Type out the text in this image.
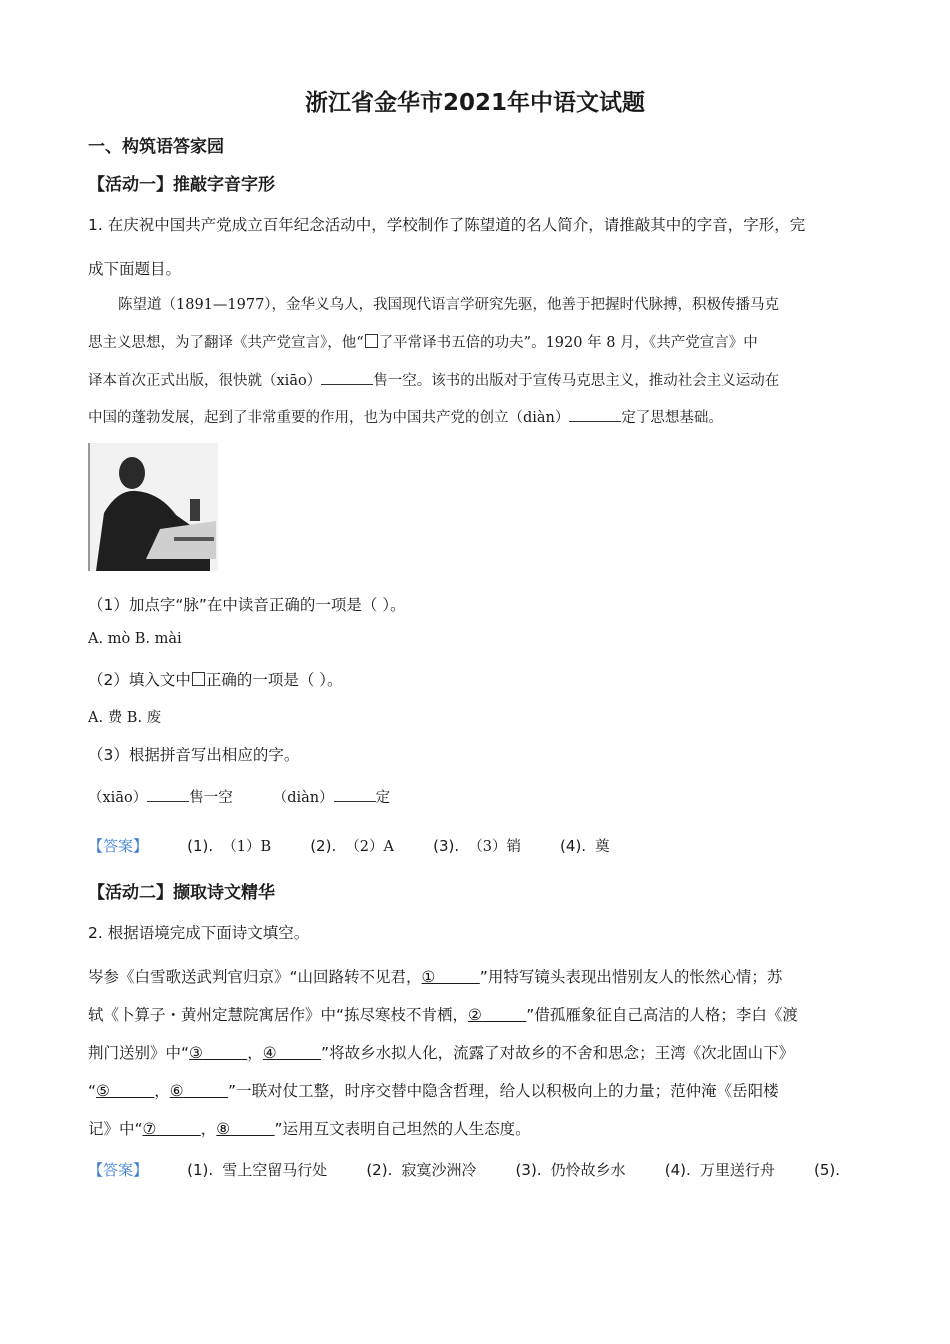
浙江省金华市2021年中语文试题
一、构筑语答家园
【活动一】推敲字音字形
1. 在庆祝中国共产党成立百年纪念活动中，学校制作了陈望道的名人简介，请推敲其中的字音，字形，完
成下面题目。
陈望道（1891—1977），金华义乌人，我国现代语言学研究先驱，他善于把握时代脉搏，积极传播马克
思主义思想，为了翻译《共产党宣言》，他“ 了平常译书五倍的功夫”。1920 年 8 月，《共产党宣言》中
译本首次正式出版，很快就（xiāo）	售一空。该书的出版对于宣传马克思主义，推动社会主义运动在
中国的蓬勃发展，起到了非常重要的作用，也为中国共产党的创立（diàn）	定了思想基础。
（1）加点字“脉”在中读音正确的一项是（ ）。
A. mò B. mài
（2）填入文中 正确的一项是（ ）。
A. 费 B. 废
（3）根据拼音写出相应的字。
（xiāo）	售一空	（diàn）	定
【答案】	(1). （1）B	(2). （2）A	(3). （3）销	(4). 奠
【活动二】撷取诗文精华
2. 根据语境完成下面诗文填空。
岑参《白雪歌送武判官归京》“山回路转不见君，①	”用特写镜头表现出惜别友人的怅然心情；苏
轼《卜算子・黄州定慧院寓居作》中“拣尽寒枝不肯栖，②	”借孤雁象征自己高洁的人格；李白《渡
荆门送别》中“③	，④	”将故乡水拟人化，流露了对故乡的不舍和思念；王湾《次北固山下》
“⑤	，⑥	”一联对仗工整，时序交替中隐含哲理，给人以积极向上的力量；范仲淹《岳阳楼
记》中“⑦	，⑧	”运用互文表明自己坦然的人生态度。
【答案】	(1). 雪上空留马行处	(2). 寂寞沙洲冷	(3). 仍怜故乡水	(4). 万里送行舟	(5).
